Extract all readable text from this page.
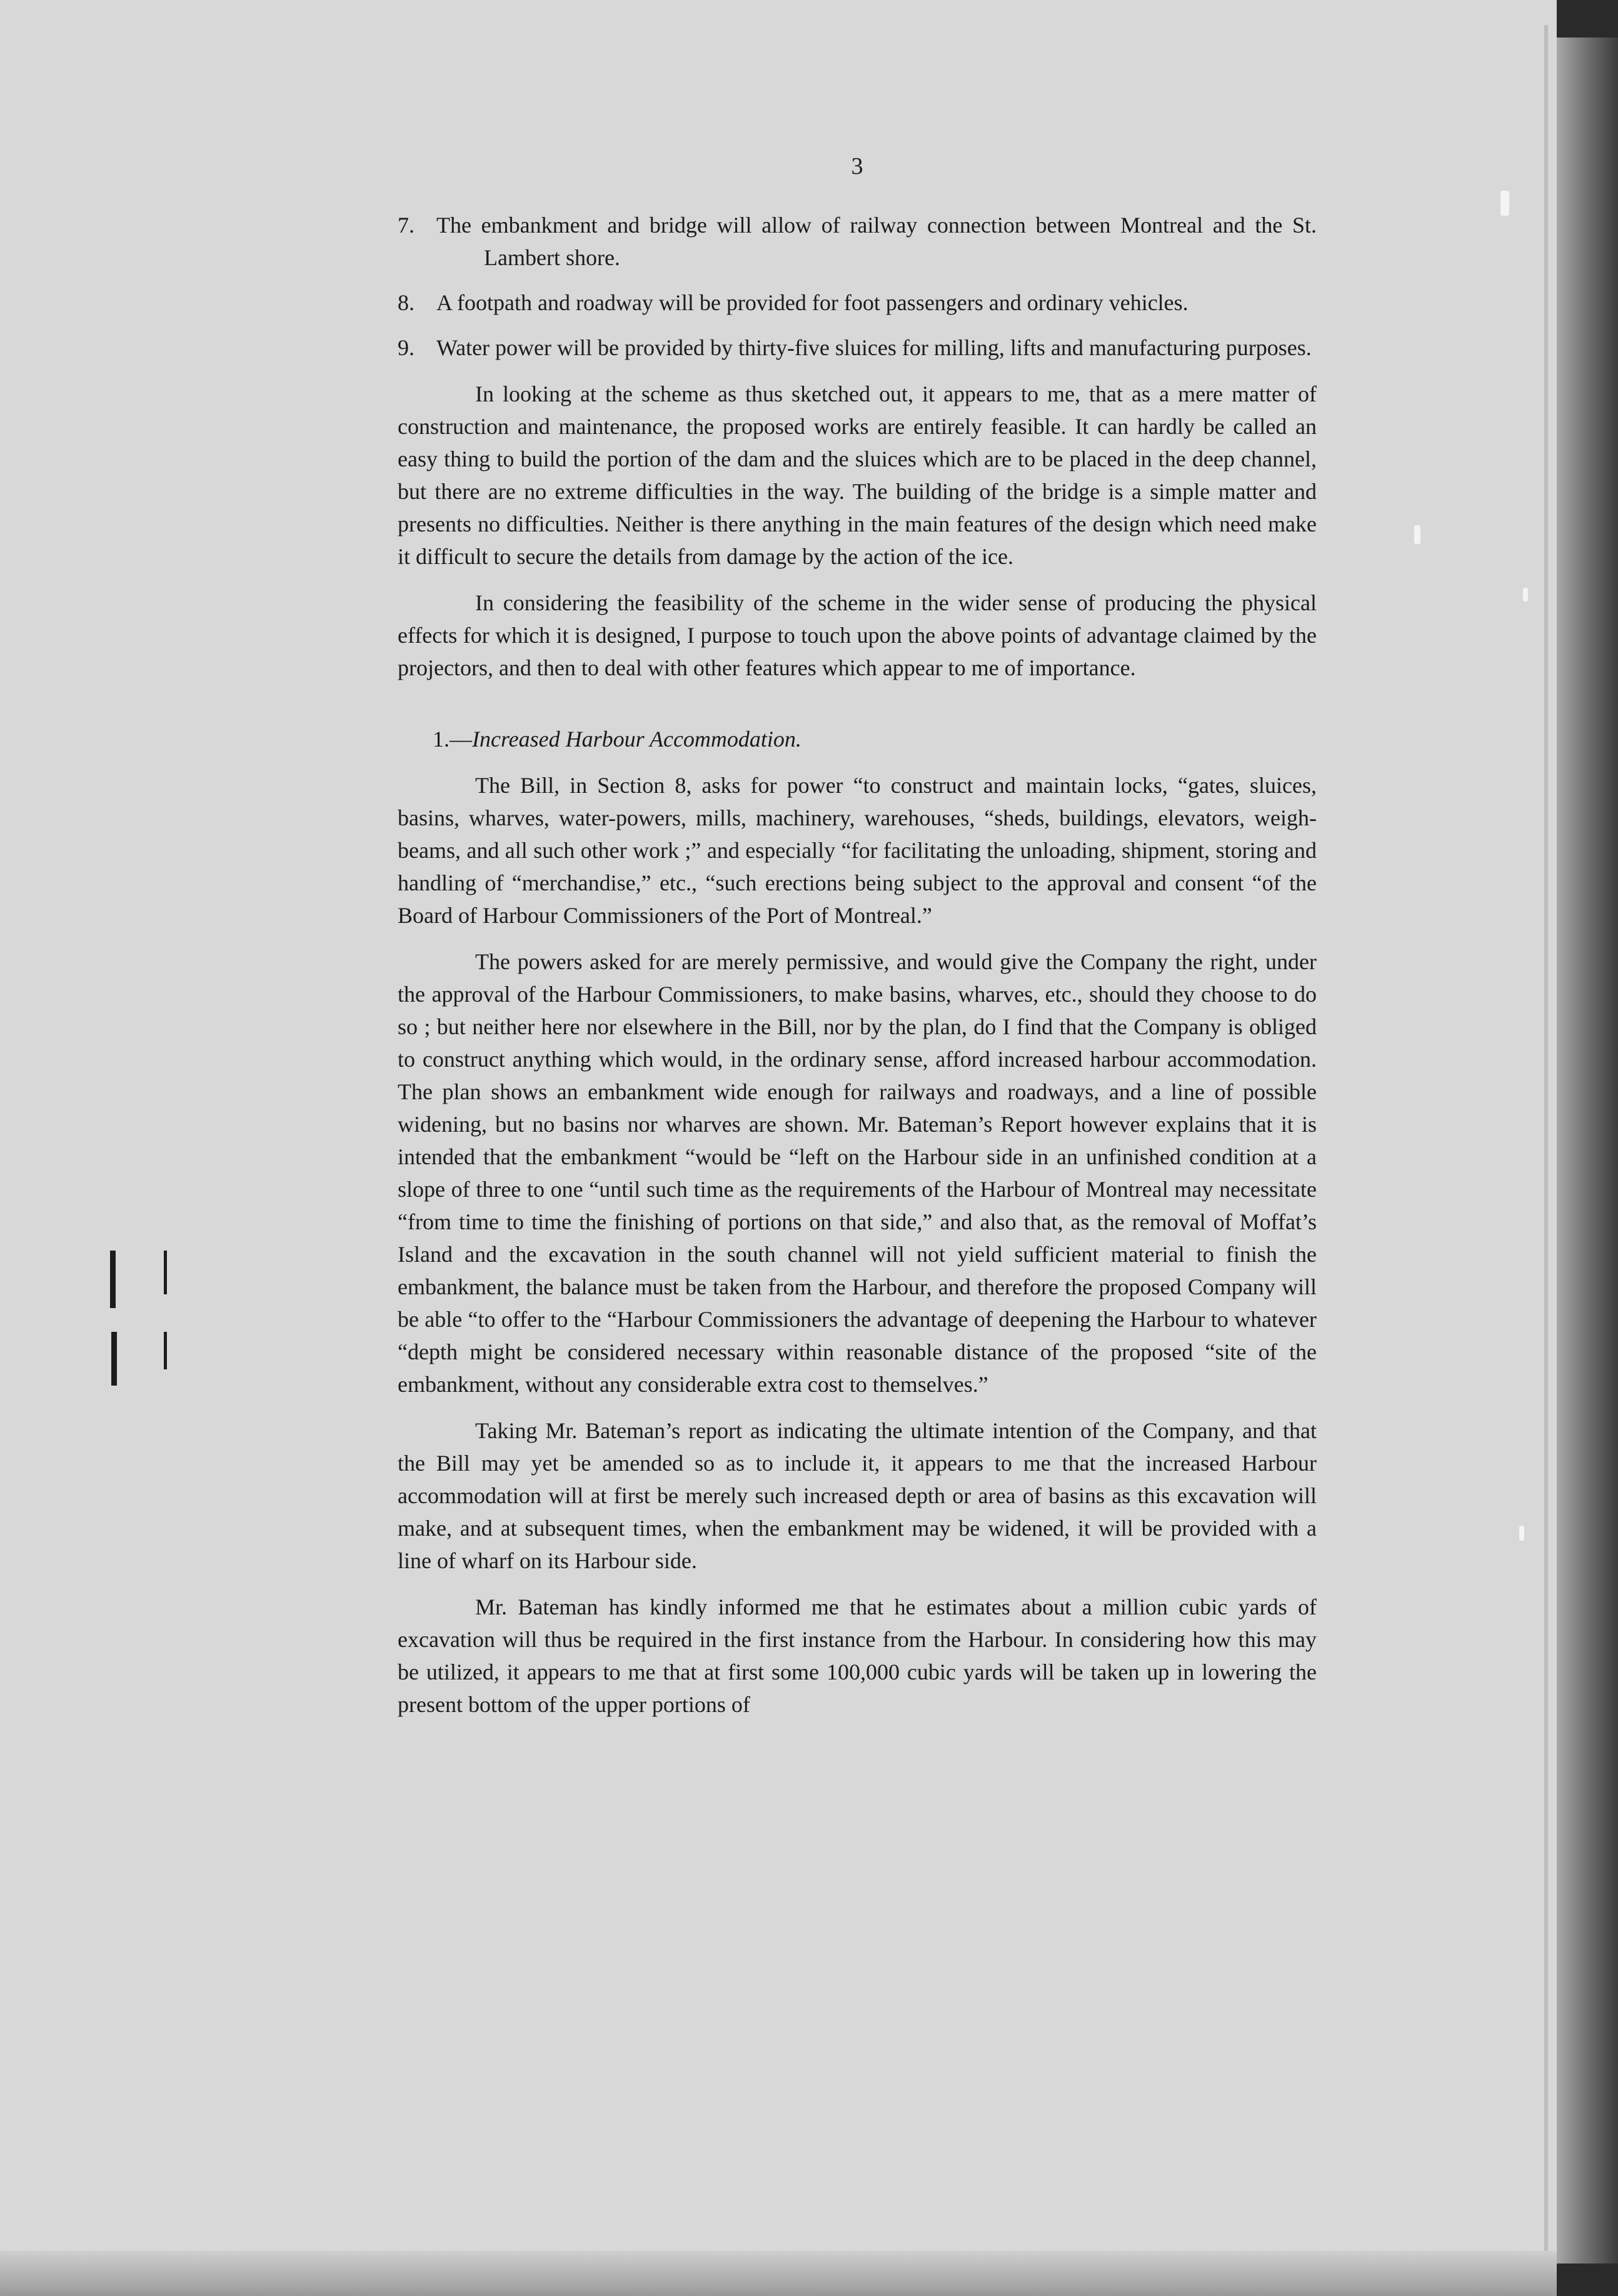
3
7. The embankment and bridge will allow of railway connection between Montreal and the St. Lambert shore.
8. A footpath and roadway will be provided for foot passengers and ordinary vehicles.
9. Water power will be provided by thirty-five sluices for milling, lifts and manufacturing purposes.

In looking at the scheme as thus sketched out, it appears to me, that as a mere matter of construction and maintenance, the proposed works are entirely feasible. It can hardly be called an easy thing to build the portion of the dam and the sluices which are to be placed in the deep channel, but there are no extreme difficulties in the way. The building of the bridge is a simple matter and presents no difficulties. Neither is there anything in the main features of the design which need make it difficult to secure the details from damage by the action of the ice.

In considering the feasibility of the scheme in the wider sense of producing the physical effects for which it is designed, I purpose to touch upon the above points of advantage claimed by the projectors, and then to deal with other features which appear to me of importance.

1.—Increased Harbour Accommodation.

The Bill, in Section 8, asks for power “to construct and maintain locks, “gates, sluices, basins, wharves, water-powers, mills, machinery, warehouses, “sheds, buildings, elevators, weigh-beams, and all such other work ;” and especially “for facilitating the unloading, shipment, storing and handling of “merchandise,” etc., “such erections being subject to the approval and consent “of the Board of Harbour Commissioners of the Port of Montreal.”

The powers asked for are merely permissive, and would give the Company the right, under the approval of the Harbour Commissioners, to make basins, wharves, etc., should they choose to do so ; but neither here nor elsewhere in the Bill, nor by the plan, do I find that the Company is obliged to construct anything which would, in the ordinary sense, afford increased harbour accommodation. The plan shows an embankment wide enough for railways and roadways, and a line of possible widening, but no basins nor wharves are shown. Mr. Bateman’s Report however explains that it is intended that the embankment “would be “left on the Harbour side in an unfinished condition at a slope of three to one “until such time as the requirements of the Harbour of Montreal may necessitate “from time to time the finishing of portions on that side,” and also that, as the removal of Moffat’s Island and the excavation in the south channel will not yield sufficient material to finish the embankment, the balance must be taken from the Harbour, and therefore the proposed Company will be able “to offer to the “Harbour Commissioners the advantage of deepening the Harbour to whatever “depth might be considered necessary within reasonable distance of the proposed “site of the embankment, without any considerable extra cost to themselves.”

Taking Mr. Bateman’s report as indicating the ultimate intention of the Company, and that the Bill may yet be amended so as to include it, it appears to me that the increased Harbour accommodation will at first be merely such increased depth or area of basins as this excavation will make, and at subsequent times, when the embankment may be widened, it will be provided with a line of wharf on its Harbour side.

Mr. Bateman has kindly informed me that he estimates about a million cubic yards of excavation will thus be required in the first instance from the Harbour. In considering how this may be utilized, it appears to me that at first some 100,000 cubic yards will be taken up in lowering the present bottom of the upper portions of
